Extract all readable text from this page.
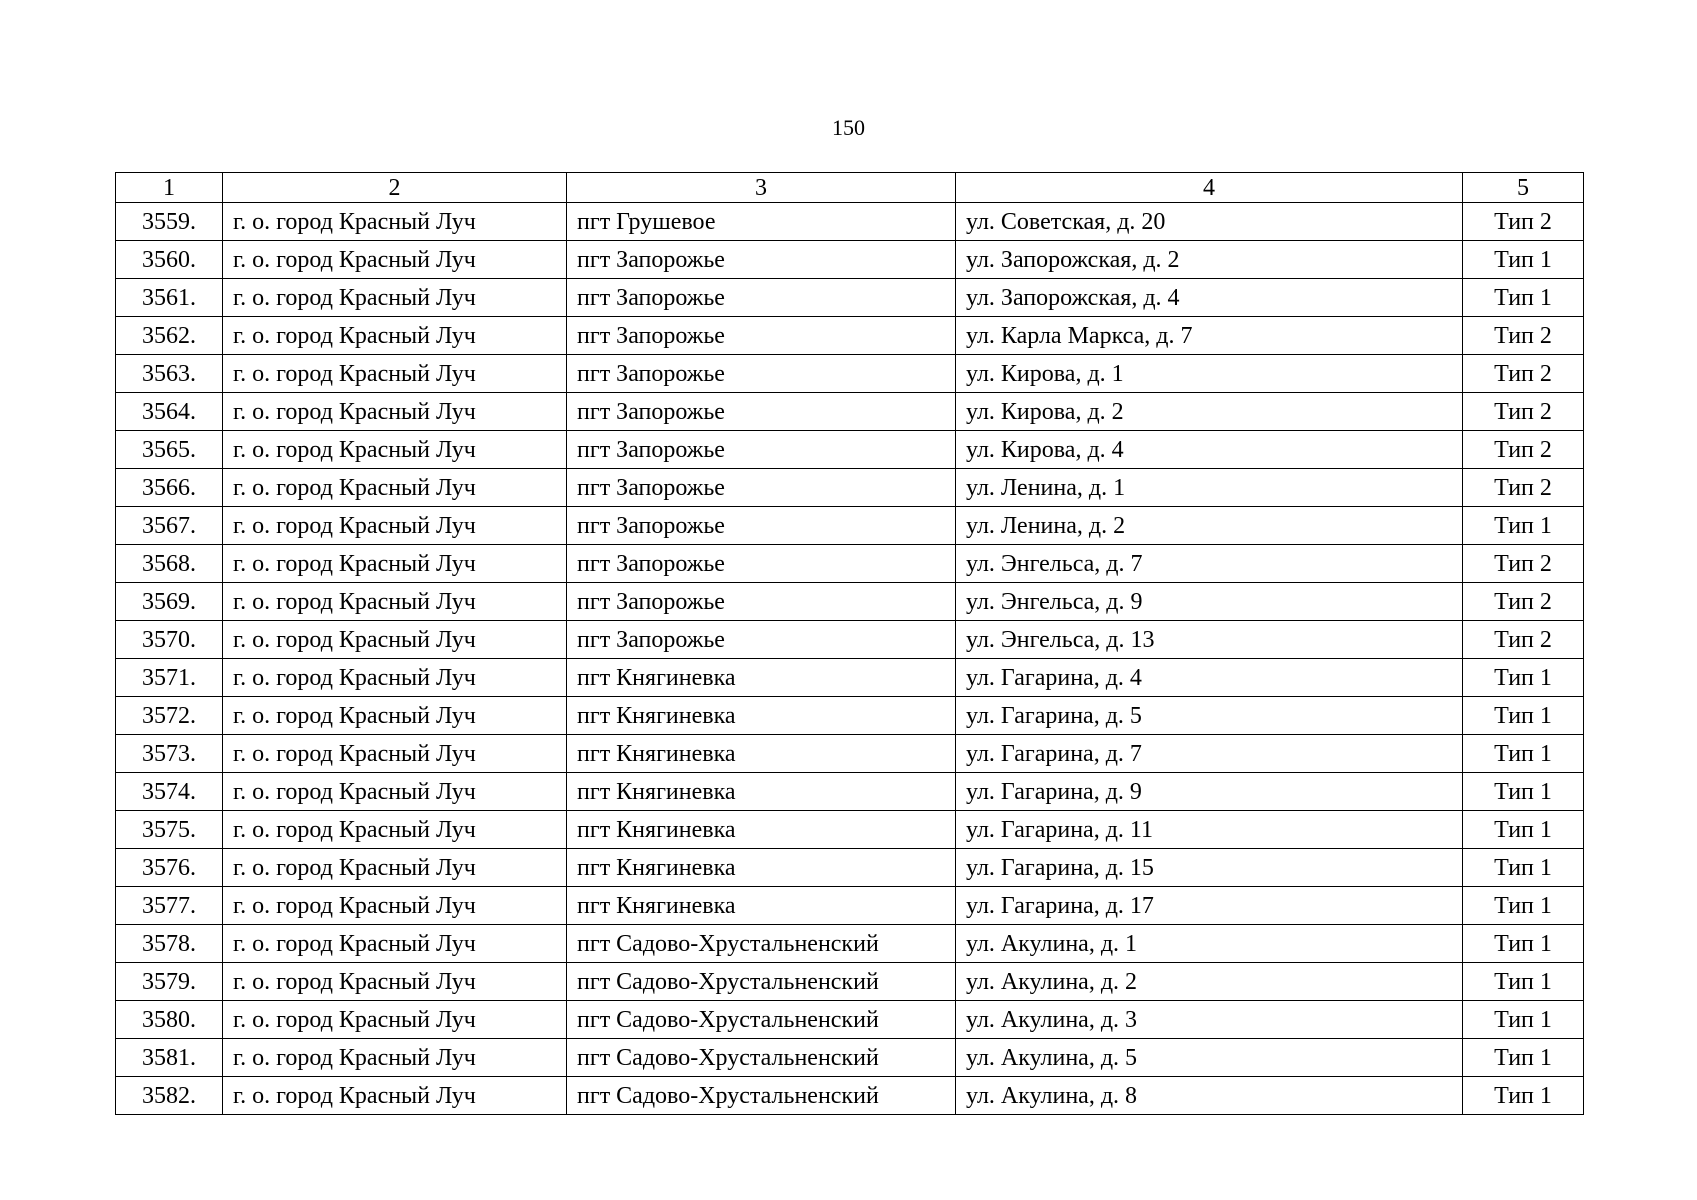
150
1	2	3	4	5
3559.	г. о. город Красный Луч	пгт Грушевое	ул. Советская, д. 20	Тип 2
3560.	г. о. город Красный Луч	пгт Запорожье	ул. Запорожская, д. 2	Тип 1
3561.	г. о. город Красный Луч	пгт Запорожье	ул. Запорожская, д. 4	Тип 1
3562.	г. о. город Красный Луч	пгт Запорожье	ул. Карла Маркса, д. 7	Тип 2
3563.	г. о. город Красный Луч	пгт Запорожье	ул. Кирова, д. 1	Тип 2
3564.	г. о. город Красный Луч	пгт Запорожье	ул. Кирова, д. 2	Тип 2
3565.	г. о. город Красный Луч	пгт Запорожье	ул. Кирова, д. 4	Тип 2
3566.	г. о. город Красный Луч	пгт Запорожье	ул. Ленина, д. 1	Тип 2
3567.	г. о. город Красный Луч	пгт Запорожье	ул. Ленина, д. 2	Тип 1
3568.	г. о. город Красный Луч	пгт Запорожье	ул. Энгельса, д. 7	Тип 2
3569.	г. о. город Красный Луч	пгт Запорожье	ул. Энгельса, д. 9	Тип 2
3570.	г. о. город Красный Луч	пгт Запорожье	ул. Энгельса, д. 13	Тип 2
3571.	г. о. город Красный Луч	пгт Княгиневка	ул. Гагарина, д. 4	Тип 1
3572.	г. о. город Красный Луч	пгт Княгиневка	ул. Гагарина, д. 5	Тип 1
3573.	г. о. город Красный Луч	пгт Княгиневка	ул. Гагарина, д. 7	Тип 1
3574.	г. о. город Красный Луч	пгт Княгиневка	ул. Гагарина, д. 9	Тип 1
3575.	г. о. город Красный Луч	пгт Княгиневка	ул. Гагарина, д. 11	Тип 1
3576.	г. о. город Красный Луч	пгт Княгиневка	ул. Гагарина, д. 15	Тип 1
3577.	г. о. город Красный Луч	пгт Княгиневка	ул. Гагарина, д. 17	Тип 1
3578.	г. о. город Красный Луч	пгт Садово-Хрустальненский	ул. Акулина, д. 1	Тип 1
3579.	г. о. город Красный Луч	пгт Садово-Хрустальненский	ул. Акулина, д. 2	Тип 1
3580.	г. о. город Красный Луч	пгт Садово-Хрустальненский	ул. Акулина, д. 3	Тип 1
3581.	г. о. город Красный Луч	пгт Садово-Хрустальненский	ул. Акулина, д. 5	Тип 1
3582.	г. о. город Красный Луч	пгт Садово-Хрустальненский	ул. Акулина, д. 8	Тип 1
